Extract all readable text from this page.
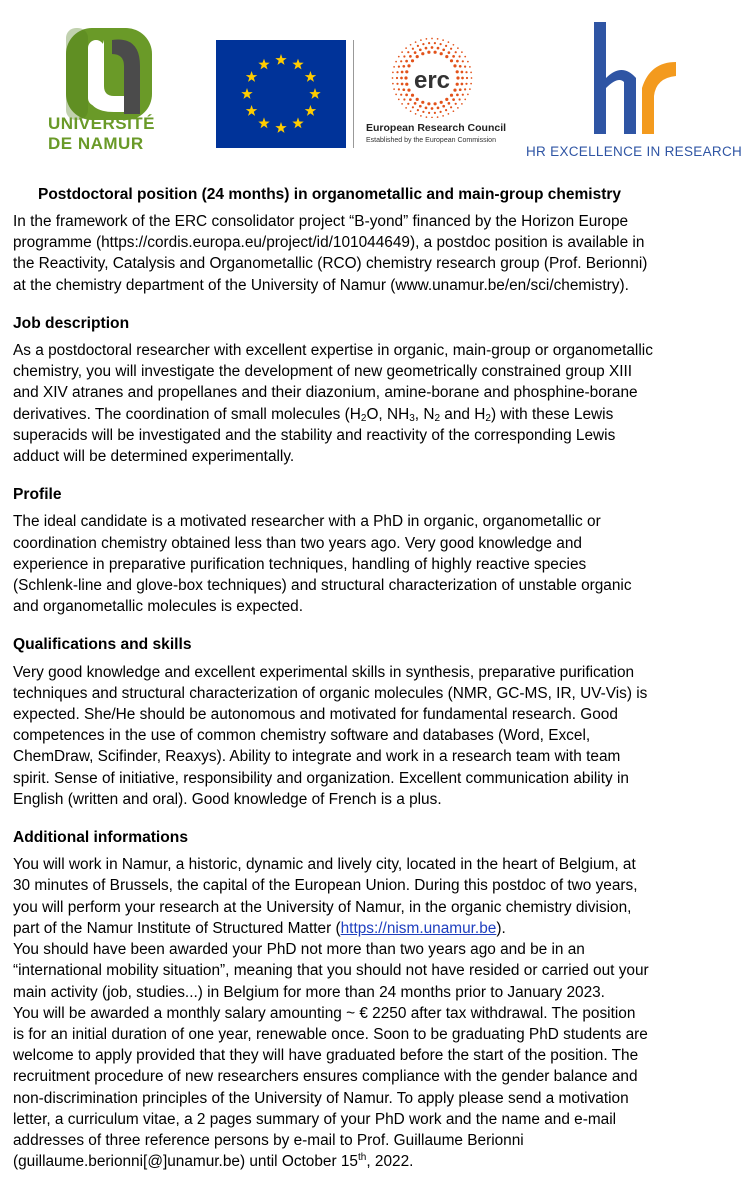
UNIVERSITÉ
DE NAMUR
erc
European Research Council
Established by the European Commission
HR EXCELLENCE IN RESEARCH
Postdoctoral position (24 months) in organometallic and main-group chemistry

In the framework of the ERC consolidator project “B-yond” financed by the Horizon Europe

programme (https://cordis.europa.eu/project/id/101044649), a postdoc position is available in

the Reactivity, Catalysis and Organometallic (RCO) chemistry research group (Prof. Berionni)

at the chemistry department of the University of Namur (www.unamur.be/en/sci/chemistry).

Job description

As a postdoctoral researcher with excellent expertise in organic, main-group or organometallic

chemistry, you will investigate the development of new geometrically constrained group XIII

and XIV atranes and propellanes and their diazonium, amine-borane and phosphine-borane

derivatives. The coordination of small molecules ($H_2O$, $NH_3$, $N_2$ and $H_2$) with these Lewis

superacids will be investigated and the stability and reactivity of the corresponding Lewis

adduct will be determined experimentally.

Profile

The ideal candidate is a motivated researcher with a PhD in organic, organometallic or

coordination chemistry obtained less than two years ago. Very good knowledge and

experience in preparative purification techniques, handling of highly reactive species

(Schlenk-line and glove-box techniques) and structural characterization of unstable organic

and organometallic molecules is expected.

Qualifications and skills

Very good knowledge and excellent experimental skills in synthesis, preparative purification

techniques and structural characterization of organic molecules (NMR, GC-MS, IR, UV-Vis) is

expected. She/He should be autonomous and motivated for fundamental research. Good

competences in the use of common chemistry software and databases (Word, Excel,

ChemDraw, Scifinder, Reaxys). Ability to integrate and work in a research team with team

spirit. Sense of initiative, responsibility and organization. Excellent communication ability in

English (written and oral). Good knowledge of French is a plus.

Additional informations

You will work in Namur, a historic, dynamic and lively city, located in the heart of Belgium, at

30 minutes of Brussels, the capital of the European Union. During this postdoc of two years,

you will perform your research at the University of Namur, in the organic chemistry division,

part of the Namur Institute of Structured Matter (https://nism.unamur.be).

You should have been awarded your PhD not more than two years ago and be in an

“international mobility situation”, meaning that you should not have resided or carried out your

main activity (job, studies...) in Belgium for more than 24 months prior to January 2023.

You will be awarded a monthly salary amounting ~ € 2250 after tax withdrawal. The position

is for an initial duration of one year, renewable once. Soon to be graduating PhD students are

welcome to apply provided that they will have graduated before the start of the position. The

recruitment procedure of new researchers ensures compliance with the gender balance and

non-discrimination principles of the University of Namur. To apply please send a motivation

letter, a curriculum vitae, a 2 pages summary of your PhD work and the name and e-mail

addresses of three reference persons by e-mail to Prof. Guillaume Berionni

(guillaume.berionni[@]unamur.be) until October 15th, 2022.
